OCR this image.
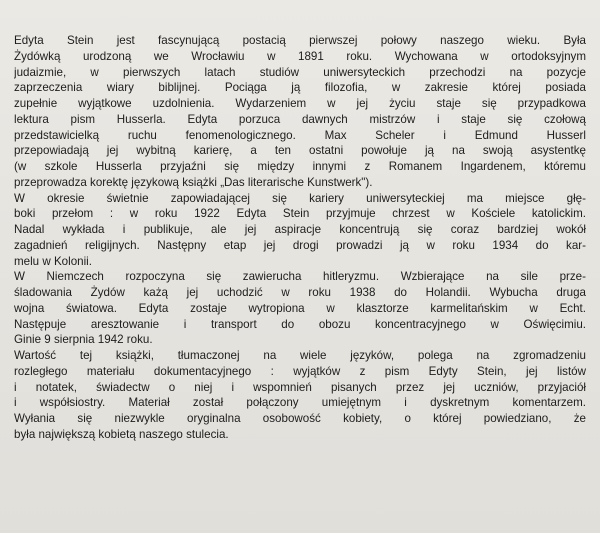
Edyta Stein jest fascynującą postacią pierwszej połowy naszego wieku. Była
Żydówką urodzoną we Wrocławiu w 1891 roku. Wychowana w ortodoksyjnym
judaizmie, w pierwszych latach studiów uniwersyteckich przechodzi na pozycje
zaprzeczenia wiary biblijnej. Pociąga ją filozofia, w zakresie której posiada
zupełnie wyjątkowe uzdolnienia. Wydarzeniem w jej życiu staje się przypadkowa
lektura pism Husserla. Edyta porzuca dawnych mistrzów i staje się czołową
przedstawicielką ruchu fenomenologicznego. Max Scheler i Edmund Husserl
przepowiadają jej wybitną karierę, a ten ostatni powołuje ją na swoją asystentkę
(w szkole Husserla przyjaźni się między innymi z Romanem Ingardenem, któremu
przeprowadza korektę językową książki „Das literarische Kunstwerk").
W okresie świetnie zapowiadającej się kariery uniwersyteckiej ma miejsce głę-
boki przełom : w roku 1922 Edyta Stein przyjmuje chrzest w Kościele katolickim.
Nadal wykłada i publikuje, ale jej aspiracje koncentrują się coraz bardziej wokół
zagadnień religijnych. Następny etap jej drogi prowadzi ją w roku 1934 do kar-
melu w Kolonii.
W Niemczech rozpoczyna się zawierucha hitleryzmu. Wzbierające na sile prze-
śladowania Żydów każą jej uchodzić w roku 1938 do Holandii. Wybucha druga
wojna światowa. Edyta zostaje wytropiona w klasztorze karmelitańskim w Echt.
Następuje aresztowanie i transport do obozu koncentracyjnego w Oświęcimiu.
Ginie 9 sierpnia 1942 roku.
Wartość tej książki, tłumaczonej na wiele języków, polega na zgromadzeniu
rozległego materiału dokumentacyjnego : wyjątków z pism Edyty Stein, jej listów
i notatek, świadectw o niej i wspomnień pisanych przez jej uczniów, przyjaciół
i współsiostry. Materiał został połączony umiejętnym i dyskretnym komentarzem.
Wyłania się niezwykle oryginalna osobowość kobiety, o której powiedziano, że
była największą kobietą naszego stulecia.
